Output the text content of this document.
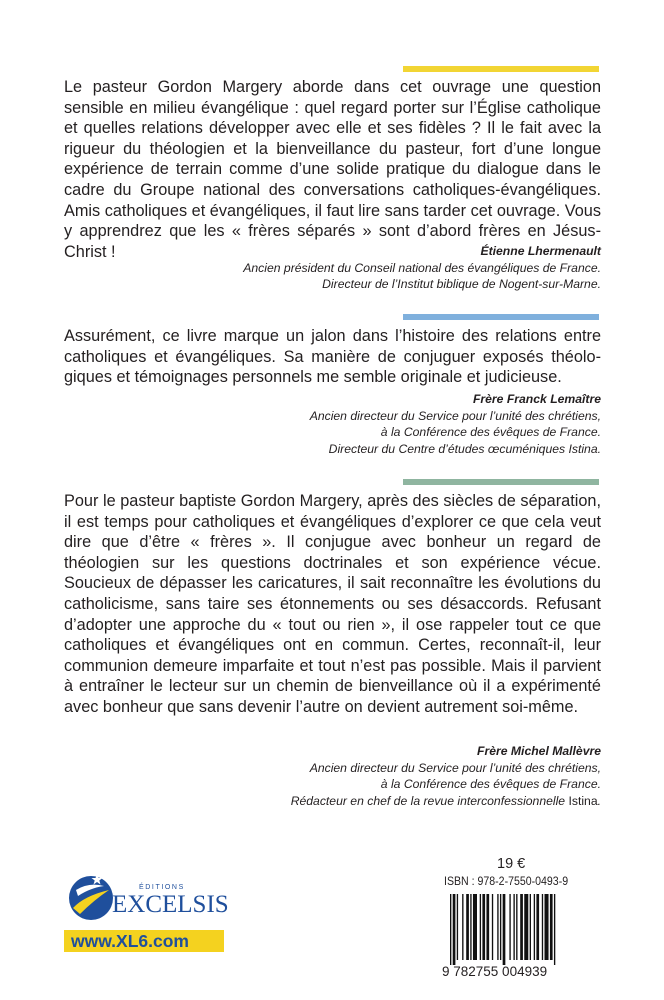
Le pasteur Gordon Margery aborde dans cet ouvrage une question sensible en milieu évangélique : quel regard porter sur l’Église catholique et quelles relations développer avec elle et ses fidèles ? Il le fait avec la rigueur du théologien et la bienveillance du pasteur, fort d’une longue expérience de terrain comme d’une solide pratique du dialogue dans le cadre du Groupe national des conversations catholiques-évangéliques. Amis catholiques et évangéliques, il faut lire sans tarder cet ouvrage. Vous y apprendrez que les « frères séparés » sont d’abord frères en Jésus-Christ !	Étienne Lhermenault
Ancien président du Conseil national des évangéliques de France.
Directeur de l’Institut biblique de Nogent-sur-Marne.

Assurément, ce livre marque un jalon dans l’histoire des relations entre catholiques et évangéliques. Sa manière de conjuguer exposés théologiques et témoignages personnels me semble originale et judicieuse.

Frère Franck Lemaître
Ancien directeur du Service pour l’unité des chrétiens,
à la Conférence des évêques de France.
Directeur du Centre d’études œcuméniques Istina.

Pour le pasteur baptiste Gordon Margery, après des siècles de séparation, il est temps pour catholiques et évangéliques d’explorer ce que cela veut dire que d’être « frères ». Il conjugue avec bonheur un regard de théologien sur les questions doctrinales et son expérience vécue. Soucieux de dépasser les caricatures, il sait reconnaître les évolutions du catholicisme, sans taire ses étonnements ou ses désaccords. Refusant d’adopter une approche du « tout ou rien », il ose rappeler tout ce que catholiques et évangéliques ont en commun. Certes, reconnaît-il, leur communion demeure imparfaite et tout n’est pas possible. Mais il parvient à entraîner le lecteur sur un chemin de bienveillance où il a expérimenté avec bonheur que sans devenir l’autre on devient autrement soi-même.

Frère Michel Mallèvre
Ancien directeur du Service pour l’unité des chrétiens,
à la Conférence des évêques de France.
Rédacteur en chef de la revue interconfessionnelle Istina.
ÉDITIONS
EXCELSIS
www.XL6.com
19 €
ISBN : 978-2-7550-0493-9
9 782755 004939
